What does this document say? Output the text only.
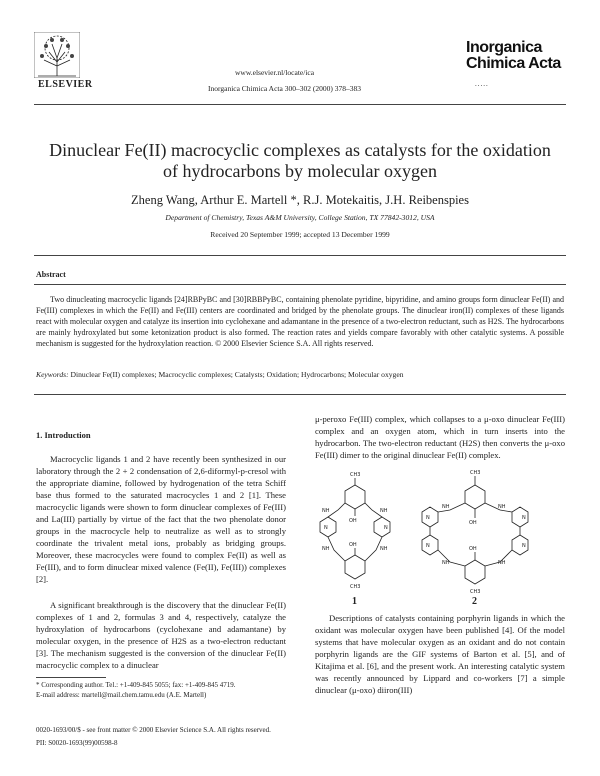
ELSEVIER
www.elsevier.nl/locate/ica
Inorganica Chimica Acta 300–302 (2000) 378–383
Inorganica
Chimica Acta
.....
Dinuclear Fe(II) macrocyclic complexes as catalysts for the oxidation of hydrocarbons by molecular oxygen
Zheng Wang, Arthur E. Martell *, R.J. Motekaitis, J.H. Reibenspies
Department of Chemistry, Texas A&M University, College Station, TX 77842-3012, USA
Received 20 September 1999; accepted 13 December 1999
Abstract
Two dinucleating macrocyclic ligands [24]RBPyBC and [30]RBBPyBC, containing phenolate pyridine, bipyridine, and amino groups form dinuclear Fe(II) and Fe(III) complexes in which the Fe(II) and Fe(III) centers are coordinated and bridged by the phenolate groups. The dinuclear iron(II) complexes of these ligands react with molecular oxygen and catalyze its insertion into cyclohexane and adamantane in the presence of a two-electron reductant, such as H2S. The hydrocarbons are mainly hydroxylated but some ketonization product is also formed. The reaction rates and yields compare favorably with other catalytic systems. A possible mechanism is suggested for the hydroxylation reaction. © 2000 Elsevier Science S.A. All rights reserved.
Keywords: Dinuclear Fe(II) complexes; Macrocyclic complexes; Catalysts; Oxidation; Hydrocarbons; Molecular oxygen
1. Introduction
Macrocyclic ligands 1 and 2 have recently been synthesized in our laboratory through the 2 + 2 condensation of 2,6-diformyl-p-cresol with the appropriate diamine, followed by hydrogenation of the tetra Schiff base thus formed to the saturated macrocycles 1 and 2 [1]. These macrocyclic ligands were shown to form dinuclear complexes of Fe(III) and La(III) partially by virtue of the fact that the two phenolate donor groups in the macrocycle help to neutralize as well as to strongly coordinate the trivalent metal ions, probably as bridging groups. Moreover, these macrocycles were found to complex Fe(II) as well as Fe(III), and to form dinuclear mixed valence (Fe(II), Fe(III)) complexes [2].
A significant breakthrough is the discovery that the dinuclear Fe(II) complexes of 1 and 2, formulas 3 and 4, respectively, catalyze the hydroxylation of hydrocarbons (cyclohexane and adamantane) by molecular oxygen, in the presence of H2S as a two-electron reductant [3]. The mechanism suggested is the conversion of the dinuclear Fe(II) macrocyclic complex to a dinuclear
μ-peroxo Fe(III) complex, which collapses to a μ-oxo dinuclear Fe(III) complex and an oxygen atom, which in turn inserts into the hydrocarbon. The two-electron reductant (H2S) then converts the μ-oxo Fe(III) dimer to the original dinuclear Fe(II) complex.
CH3
OH
OH
NH	NH
NH	NH
N	N
CH3
CH3
OH
OH
NH	NH
NH	NH
N
N
N
N
CH3
1	2
Descriptions of catalysts containing porphyrin ligands in which the oxidant was molecular oxygen have been published [4]. Of the model systems that have molecular oxygen as an oxidant and do not contain porphyrin ligands are the GIF systems of Barton et al. [5], and of Kitajima et al. [6], and the present work. An interesting catalytic system was recently announced by Lippard and co-workers [7] a simple dinuclear (μ-oxo) diiron(III)
* Corresponding author. Tel.: +1-409-845 5055; fax: +1-409-845 4719.
E-mail address: martell@mail.chem.tamu.edu (A.E. Martell)
0020-1693/00/$ - see front matter © 2000 Elsevier Science S.A. All rights reserved.
PII: S0020-1693(99)00598-8
